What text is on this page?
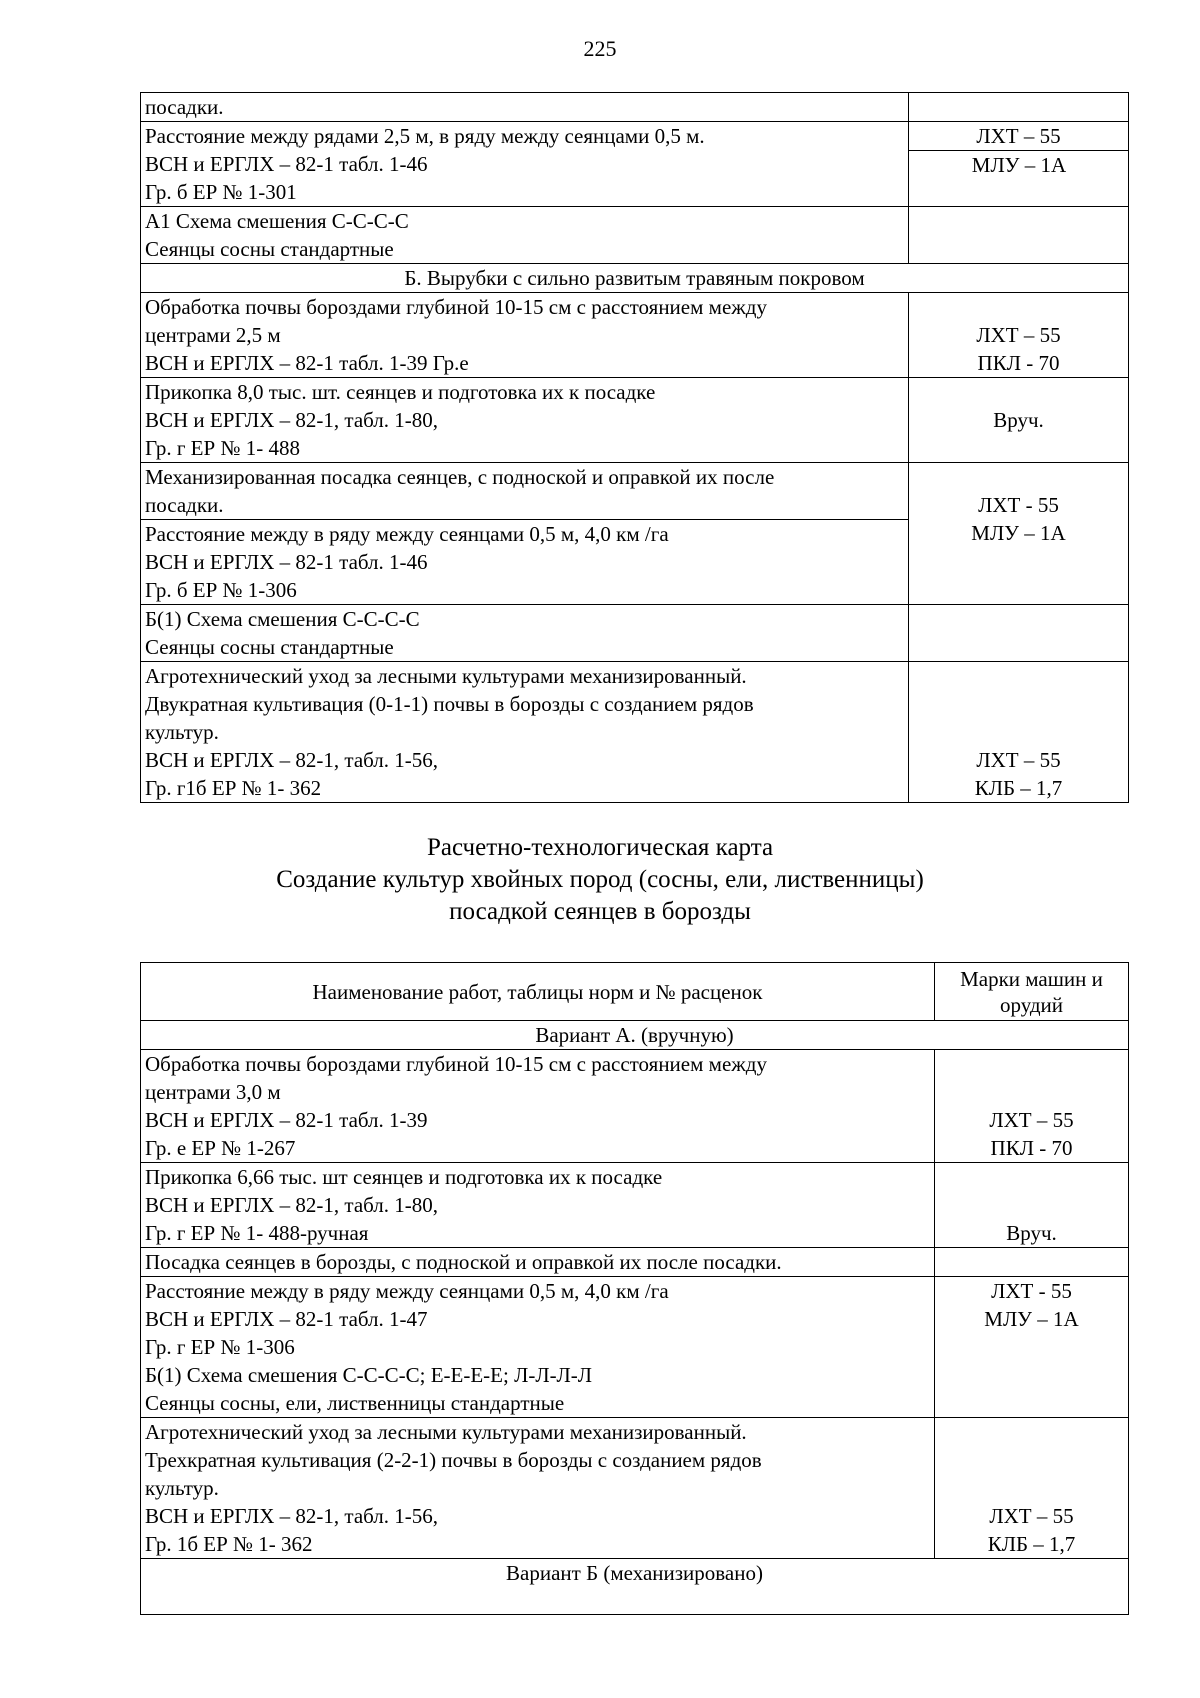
225
посадки.	

Расстояние между рядами 2,5 м, в ряду между сеянцами 0,5 м.
ВСН и ЕРГЛХ – 82-1 табл. 1-46
Гр. б ЕР № 1-301	ЛХТ – 55
МЛУ – 1А

А1 Схема смешения С-С-С-С
Сеянцы сосны стандартные	

Б. Вырубки с сильно развитым травяным покровом	

Обработка почвы бороздами глубиной 10-15 см с расстоянием между
центрами 2,5 м
ВСН и ЕРГЛХ – 82-1 табл. 1-39 Гр.е	ЛХТ – 55
ПКЛ - 70

Прикопка 8,0 тыс. шт. сеянцев и подготовка их к посадке
ВСН и ЕРГЛХ – 82-1, табл. 1-80,
Гр. г ЕР № 1- 488	Вруч.

Механизированная посадка сеянцев, с подноской и оправкой их после
посадки.
Расстояние между в ряду между сеянцами 0,5 м, 4,0 км /га
ВСН и ЕРГЛХ – 82-1 табл. 1-46
Гр. б ЕР № 1-306	ЛХТ - 55
МЛУ – 1А

Б(1) Схема смешения С-С-С-С
Сеянцы сосны стандартные	

Агротехнический уход за лесными культурами механизированный.
Двукратная культивация (0-1-1) почвы в борозды с созданием рядов
культур.
ВСН и ЕРГЛХ – 82-1, табл. 1-56,
Гр. г1б ЕР № 1- 362	ЛХТ – 55
КЛБ – 1,7
Расчетно-технологическая карта
Создание культур хвойных пород (сосны, ели, лиственницы)
посадкой сеянцев в борозды
Наименование работ, таблицы норм и № расценок	Марки машин и
орудий

Вариант А. (вручную)	

Обработка почвы бороздами глубиной 10-15 см с расстоянием между
центрами 3,0 м
ВСН и ЕРГЛХ – 82-1 табл. 1-39
Гр. е ЕР № 1-267	ЛХТ – 55
ПКЛ - 70

Прикопка 6,66 тыс. шт сеянцев и подготовка их к посадке
ВСН и ЕРГЛХ – 82-1, табл. 1-80,
Гр. г ЕР № 1- 488-ручная	Вруч.

Посадка сеянцев в борозды, с подноской и оправкой их после посадки.	

Расстояние между в ряду между сеянцами 0,5 м, 4,0 км /га
ВСН и ЕРГЛХ – 82-1 табл. 1-47
Гр. г ЕР № 1-306
Б(1) Схема смешения С-С-С-С; Е-Е-Е-Е; Л-Л-Л-Л
Сеянцы сосны, ели, лиственницы стандартные	ЛХТ - 55
МЛУ – 1А

Агротехнический уход за лесными культурами механизированный.
Трехкратная культивация (2-2-1) почвы в борозды с созданием рядов
культур.
ВСН и ЕРГЛХ – 82-1, табл. 1-56,
Гр. 1б ЕР № 1- 362	ЛХТ – 55
КЛБ – 1,7

Вариант Б (механизировано)	
